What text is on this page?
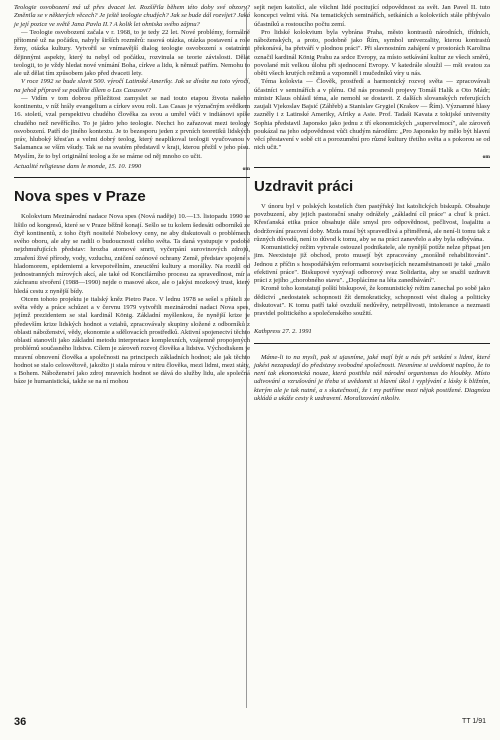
Teologie osvobození má už přes dvacet let. Rozšířila během této doby své obzory? Změnila se v některých věcech? Je ještě teologie chudých? Jak se bude dál rozvíjet? Jaká je její pozice ve světě Jana Pavla II.? A kolik let ohniska svého zájmu?

— Teologie osvobození začala v r. 1968, to je tedy 22 let. Nové problémy, formálně přítomné už na počátku, nabyly širších rozměrů: rasová otázka, otázka postavení a role ženy, otázka kultury. Vytvořil se vnímavější dialog teologie osvobození s ostatními dějinnými aspekty, který tu nebyl od počátku, rozvinula se teorie závislosti. Dělat teologii, to je vždy hledat nové vnímání Boha, církve a lidu, k němuž patřím. Nemohu to ale už dělat tím způsobem jako před dvaceti lety.

V roce 1992 se bude slavit 500. výročí Latinské Ameriky. Jak se díváte na toto výročí, na jehož přípravě se podílíte dílem o Las Casasovi?

— Vidím v tom dobrou příležitost zamyslet se nad touto etapou života našeho kontinentu, v níž hrály evangelium a církev svou roli. Las Casas je význačným svědkem 16. století, vzal perspektivu chudého člověka za svou a umřel vůči v indiánovi spíše chudého než nevěřícího. To je jádro jeho teologie. Nechci ho zařazovat mezi teology osvobození. Patří do jiného kontextu. Je to bezesporu jeden z prvních teoretiků lidských práv, hluboký křesťan a velmi dobrý teolog, který neaplikoval teologii vyučovanou v Salamanca se vším všudy. Tak se na svatém představil v kraji, kterou přežil v jeho písu. Myslím, že to byl originální teolog a že se máme od něj mnoho co učit.

Actualité religieuse dans le monde, 15. 10. 1990	om
Nova spes v Praze

Kolokvium Mezinárodní nadace Nova spes (Nová naděje) 10.—13. listopadu 1990 se lišilo od kongresů, které se v Praze běžně konají. Sešlo se tu kolem šedesáti odborníků ze čtyř kontinentů, z toho čtyři nositelé Nobelovy ceny, ne aby diskutovali o problémech svého oboru, ale aby se radili o budoucnosti celého světa. Ta daná vystupuje v podobě nejzhmuřujících představ: hrozba atomové smrti, vyčerpání surovinových zdrojů, zmaření živé přírody, vody, vzduchu, zničení ozónové ochrany Země, představ spojené s hladomorem, epidemiemi a krvepotvělním, zneuctění kultury a morálky. Na rozdíl od jednostranných mírových akcí, ale také od Koncilárního procesu za spravedlnost, mír a záchranu stvoření (1988—1990) nejde o masové akce, ale o jakýsi mozkový trust, který hledá cestu z nynější bídy.

Otcem tohoto projektu je italský kněz Pietro Pace. V lednu 1978 se sešel s přáteli ze světa vědy a práce schůzet a v červnu 1979 vytvořili mezinárodní nadaci Nova spes, jejímž prezidentem se stal kardinál König. Základní myšlenkou, že nynější krize je především krize lidských hodnot a vztahů, zpracovávaly skupiny složené z odborníků z oblasti náboženství, vědy, ekonomie a sdělovacích prostředků. Aktivní spojenectví těchto oblastí stanovili jako základní metodu interpretace komplexních, vzájemně propojených problémů současného lidstva. Cílem je zároveň rozvoj člověka a lidstva. Východiskem je mravní obnovení člověka a společnosti na principech základních hodnot; ale jak těchto hodnot se stalo celosvětově, jakožto ji stala mírou v nitru člověka, mezi lidmi, mezi státy, s Bohem. Náboženství jako zdroj mravních hodnot se dává do služby lidu, ale společná báze je humanistická, takže se na ní mohou

sejít nejen katolíci, ale všichni lidé pocitující odpovědnost za svět. Jan Pavel II. tuto koncepci velmi vítá. Na tematických seminářích, setkáních a kolokviích stále přibývalo účastníků a rostoucího počtu zemí.

Pro lidské kolokvium byla vybrána Praha, město kontrastů národních, třídních, náboženských, a proto, podobně jako Řím, symbol univerzality, kterou kontrastů překonává, ba přetváří v plodnou práci". Při slavnostním zahájení v prostorách Karolina označil kardinál König Prahu za srdce Evropy, za místo setkávání kultur ze všech směrů, povolané mít velkou úlohu při sjednocení Evropy. V katedrále sloužil — mši svatou za oběti všech krutých režimů a vzpomněl i mučedníků víry u nás.

Téma kolokvia — Člověk, prostředí a harmonický rozvoj světa — zpracovávali účastníci v seminářích a v plénu. Od nás prosnesli projevy Tomáš Halík a Oto Mádr; ministr Klaus ohlásil téma, ale nemohl se dostavit. Z dalších slovanských referujících zaujali Vjekoslav Bajsić (Záhřeb) a Stanislav Grygiel (Krakov — Řím). Významné hlasy zazněly i z Latinské Ameriky, Afriky a Asie. Prof. Tadaši Kavata z tokijské university Sophia představil Japonsko jako jednu z tří ekonomických „supervelmocí", ale zároveň poukázal na jeho odpovědnost vůči chudým národům: „Pro Japonsko by mělo být hlavní věcí přestavení v sobě cit a porozumění pro různé kultury třetího světa a s pokorou se od nich učit."

om
Uzdravit práci

V únoru byl v polských kostelích čten pastýřský list katolických biskupů. Obsahuje povzbuzení, aby jejich pastorační snahy odrážely „základní cíl práce" a chuť k práci. Křesťanská etika práce obsahuje dále smysl pro odpovědnost, pečlivost, loajalitu a dodržování pracovní doby. Mzda musí být spravedlivá a přiměřená, ale není-li tomu tak z různých důvodů, není to důvod k tomu, aby se na práci zanevřelo a aby byla odbývána.

Komunistický režim vytvrale ostouzel podnikatele, ale nynější potíže nelze připsat jen jim. Neexistuje již obchod, proto musejí být zpracovány „morálně rehabilitováni". Jednou z příčin s hospodářským reformami souvisejících nezaměstnanosti je také „málo efektivní práce". Biskupové vyzývají odborový svaz Solidarita, aby se snažil uzdravit práci z jejího „chorobného stavu". „Doplácíme na léta zanedbávání".

Kromě toho konstatují polští biskupové, že komunistický režim zanechal po sobě jako dědictví „nedostatek schopnosti žít demokraticky, schopnosti vést dialog a politicky diskutovat". K tomu patří také ovzduší nedůvěry, netrpělivosti, intolerance a nezmasti pravidel politického a společenského soužití.

Kathpress 27. 2. 1991

Máme-li to na mysli, pak si ujasníme, jaké mají být u nás při setkání s lidmi, které jakési nezapadají do představy svobodné společnosti. Nesmíme si uvědomit naplno, že to není tak ekonomická nouze, která postihla náš národní organismus do hloubky. Místo udivování a vzrušování je třeba si uvědomit si hlavní úkol i vyplývání z lásky k bližním, kterým ale je tak nutné, a s skutečností, že i my patříme mezi nějak postižené. Diagnóza ukládá a ukáže cesty k uzdravení. Moralizování nikoliv.

36	TT 1/91
